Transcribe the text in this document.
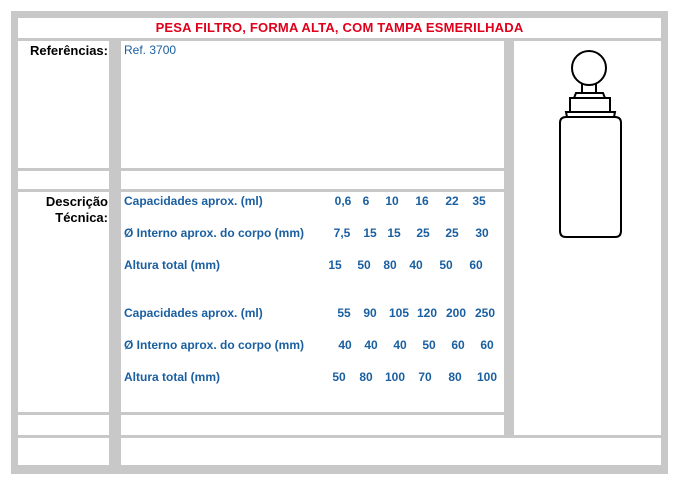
PESA FILTRO, FORMA ALTA, COM TAMPA ESMERILHADA
Referências: Ref. 3700
Descrição
Técnica:
Capacidades aprox. (ml)	0,6 6	10	16	22	35
Ø Interno aprox. do corpo (mm)	7,5	15 15	25	25	30
Altura total (mm)	15	50	80	40	50	60
Capacidades aprox. (ml)	55	90	105 120 200 250
Ø Interno aprox. do corpo (mm)	40	40	40	50	60	60
Altura total (mm)	50	80	100	70	80	100
